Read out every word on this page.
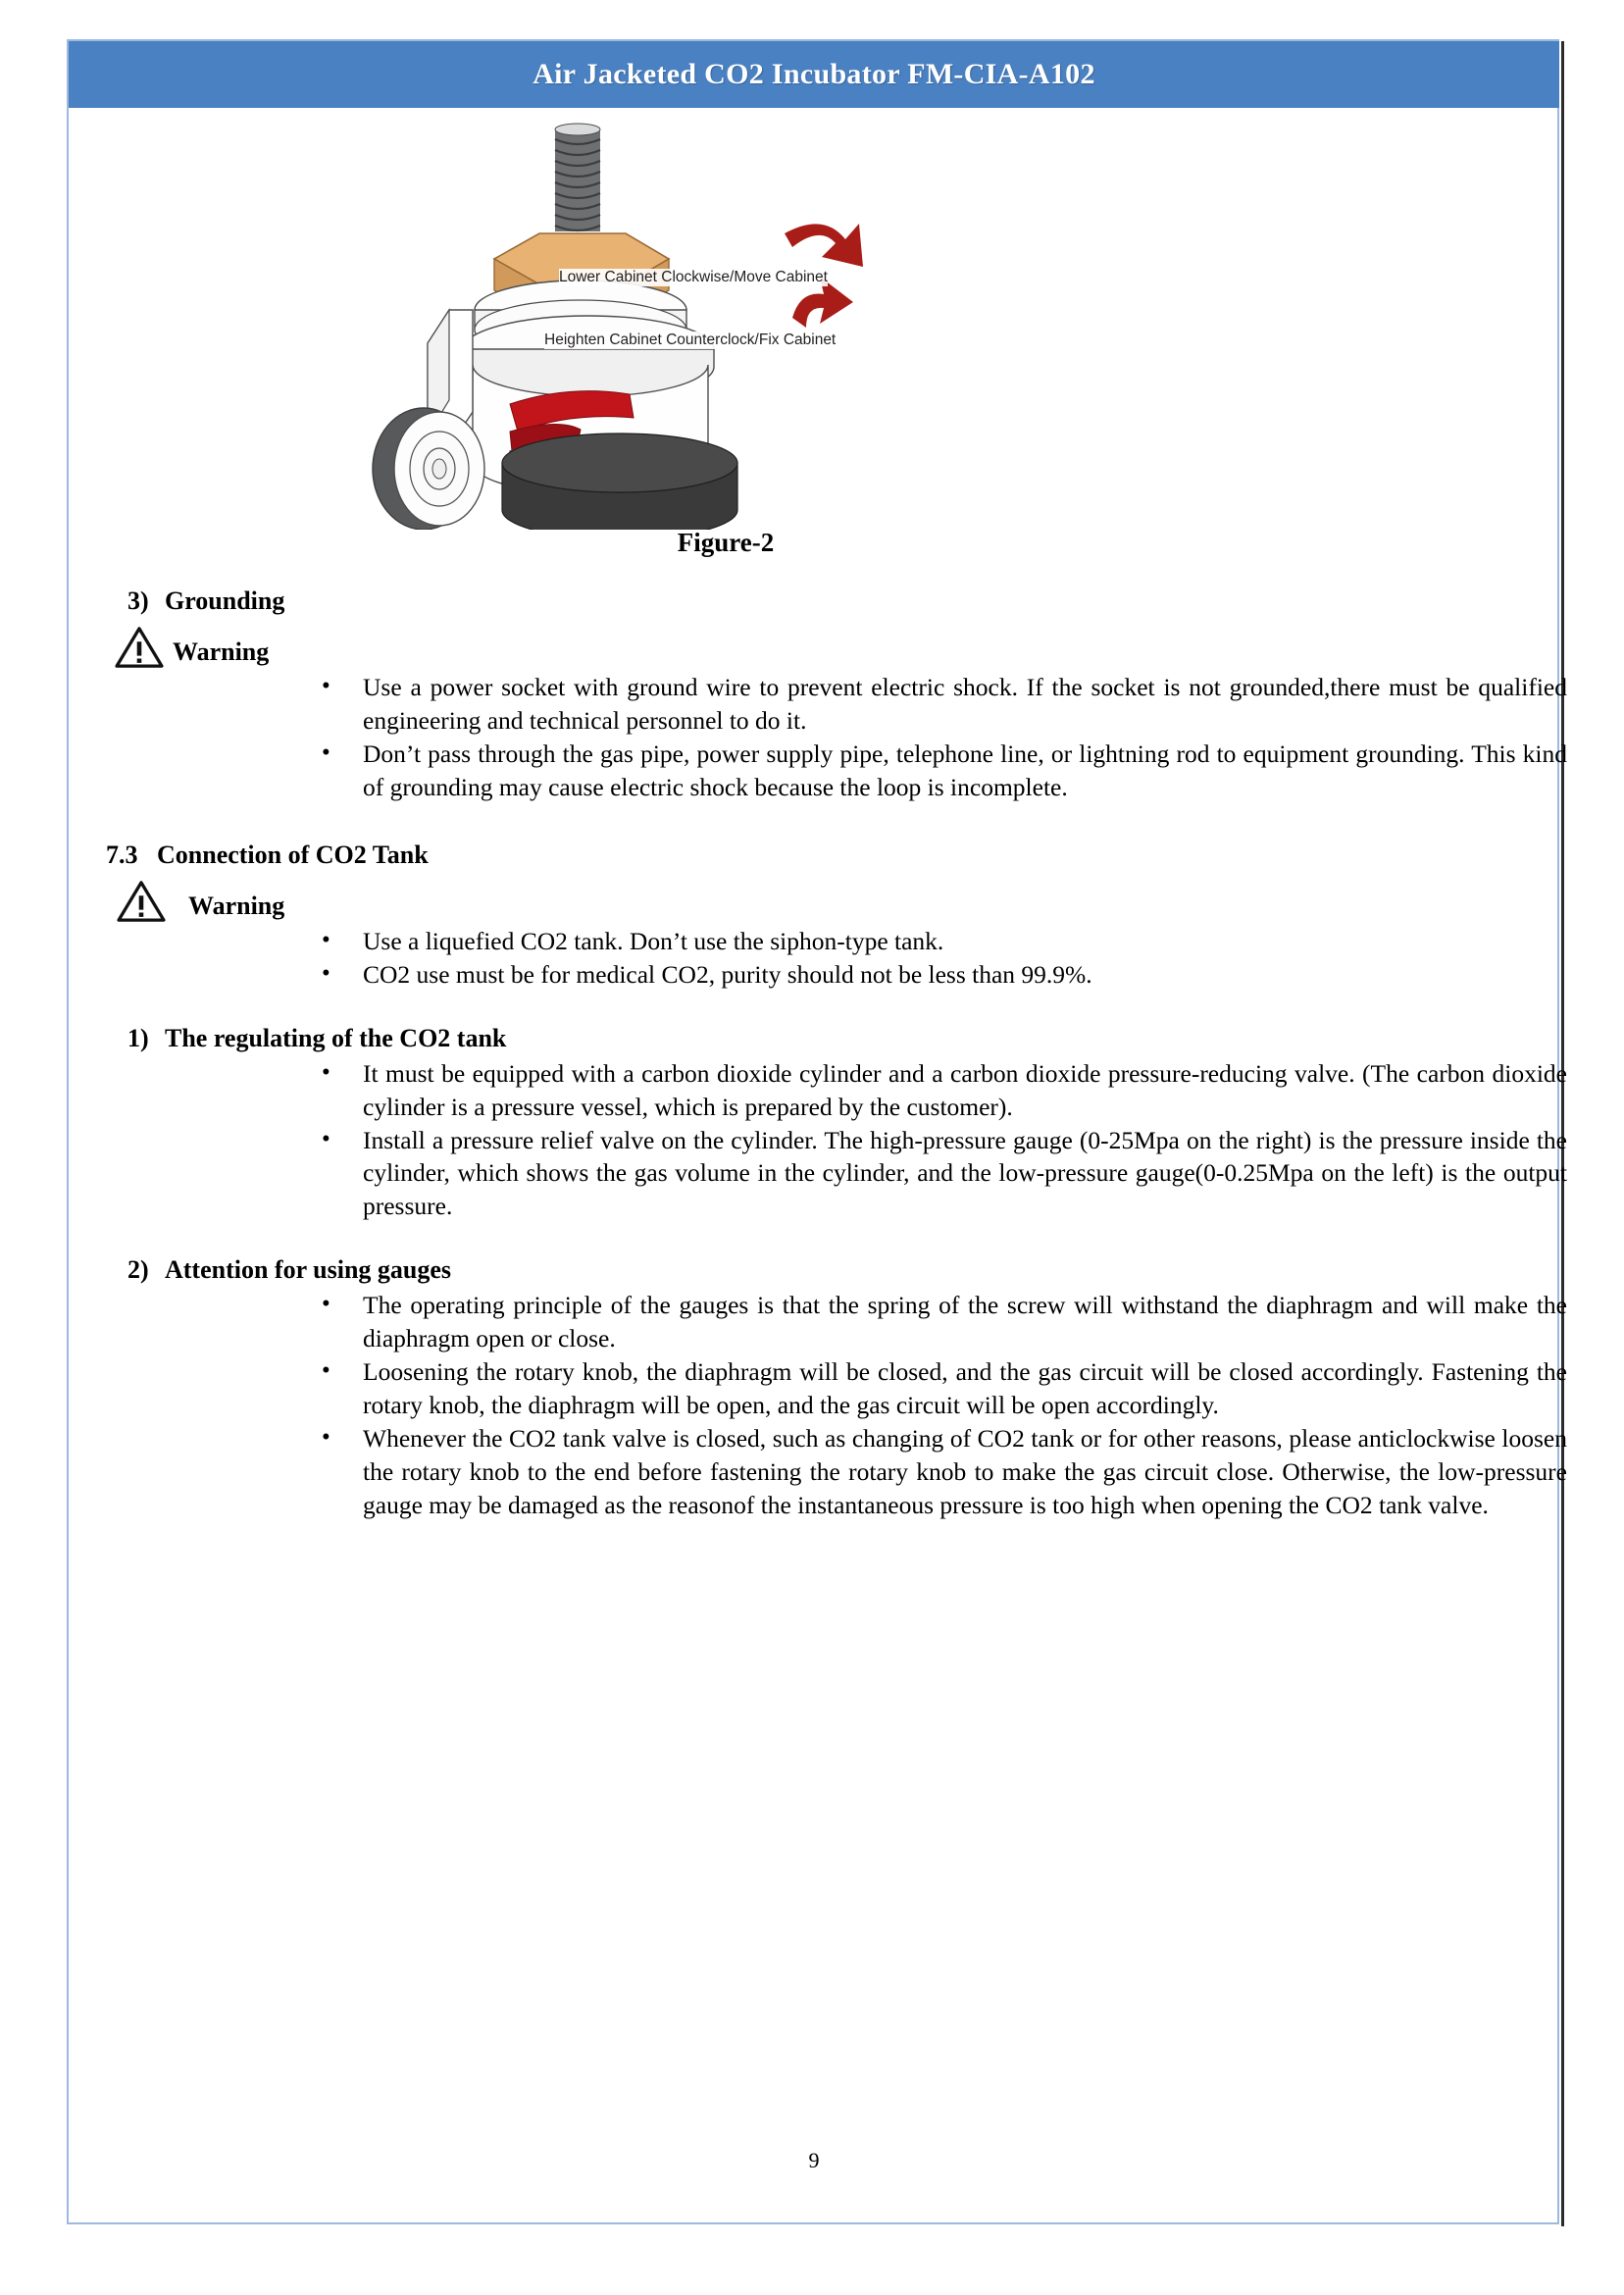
Air Jacketed CO2 Incubator FM-CIA-A102
Lower Cabinet Clockwise/Move Cabinet
Heighten Cabinet Counterclock/Fix Cabinet
Figure-2
3) Grounding
Warning
• Use a power socket with ground wire to prevent electric shock. If the socket is not grounded,there must be qualified engineering and technical personnel to do it.
• Don’t pass through the gas pipe, power supply pipe, telephone line, or lightning rod to equipment grounding. This kind of grounding may cause electric shock because the loop is incomplete.
7.3 Connection of CO2 Tank
Warning
• Use a liquefied CO2 tank. Don’t use the siphon-type tank.
• CO2 use must be for medical CO2, purity should not be less than 99.9%.
1) The regulating of the CO2 tank
• It must be equipped with a carbon dioxide cylinder and a carbon dioxide pressure-reducing valve. (The carbon dioxide cylinder is a pressure vessel, which is prepared by the customer).
• Install a pressure relief valve on the cylinder. The high-pressure gauge (0-25Mpa on the right) is the pressure inside the cylinder, which shows the gas volume in the cylinder, and the low-pressure gauge(0-0.25Mpa on the left) is the output pressure.
2) Attention for using gauges
• The operating principle of the gauges is that the spring of the screw will withstand the diaphragm and will make the diaphragm open or close.
• Loosening the rotary knob, the diaphragm will be closed, and the gas circuit will be closed accordingly. Fastening the rotary knob, the diaphragm will be open, and the gas circuit will be open accordingly.
• Whenever the CO2 tank valve is closed, such as changing of CO2 tank or for other reasons, please anticlockwise loosen the rotary knob to the end before fastening the rotary knob to make the gas circuit close. Otherwise, the low-pressure gauge may be damaged as the reasonof the instantaneous pressure is too high when opening the CO2 tank valve.
9
